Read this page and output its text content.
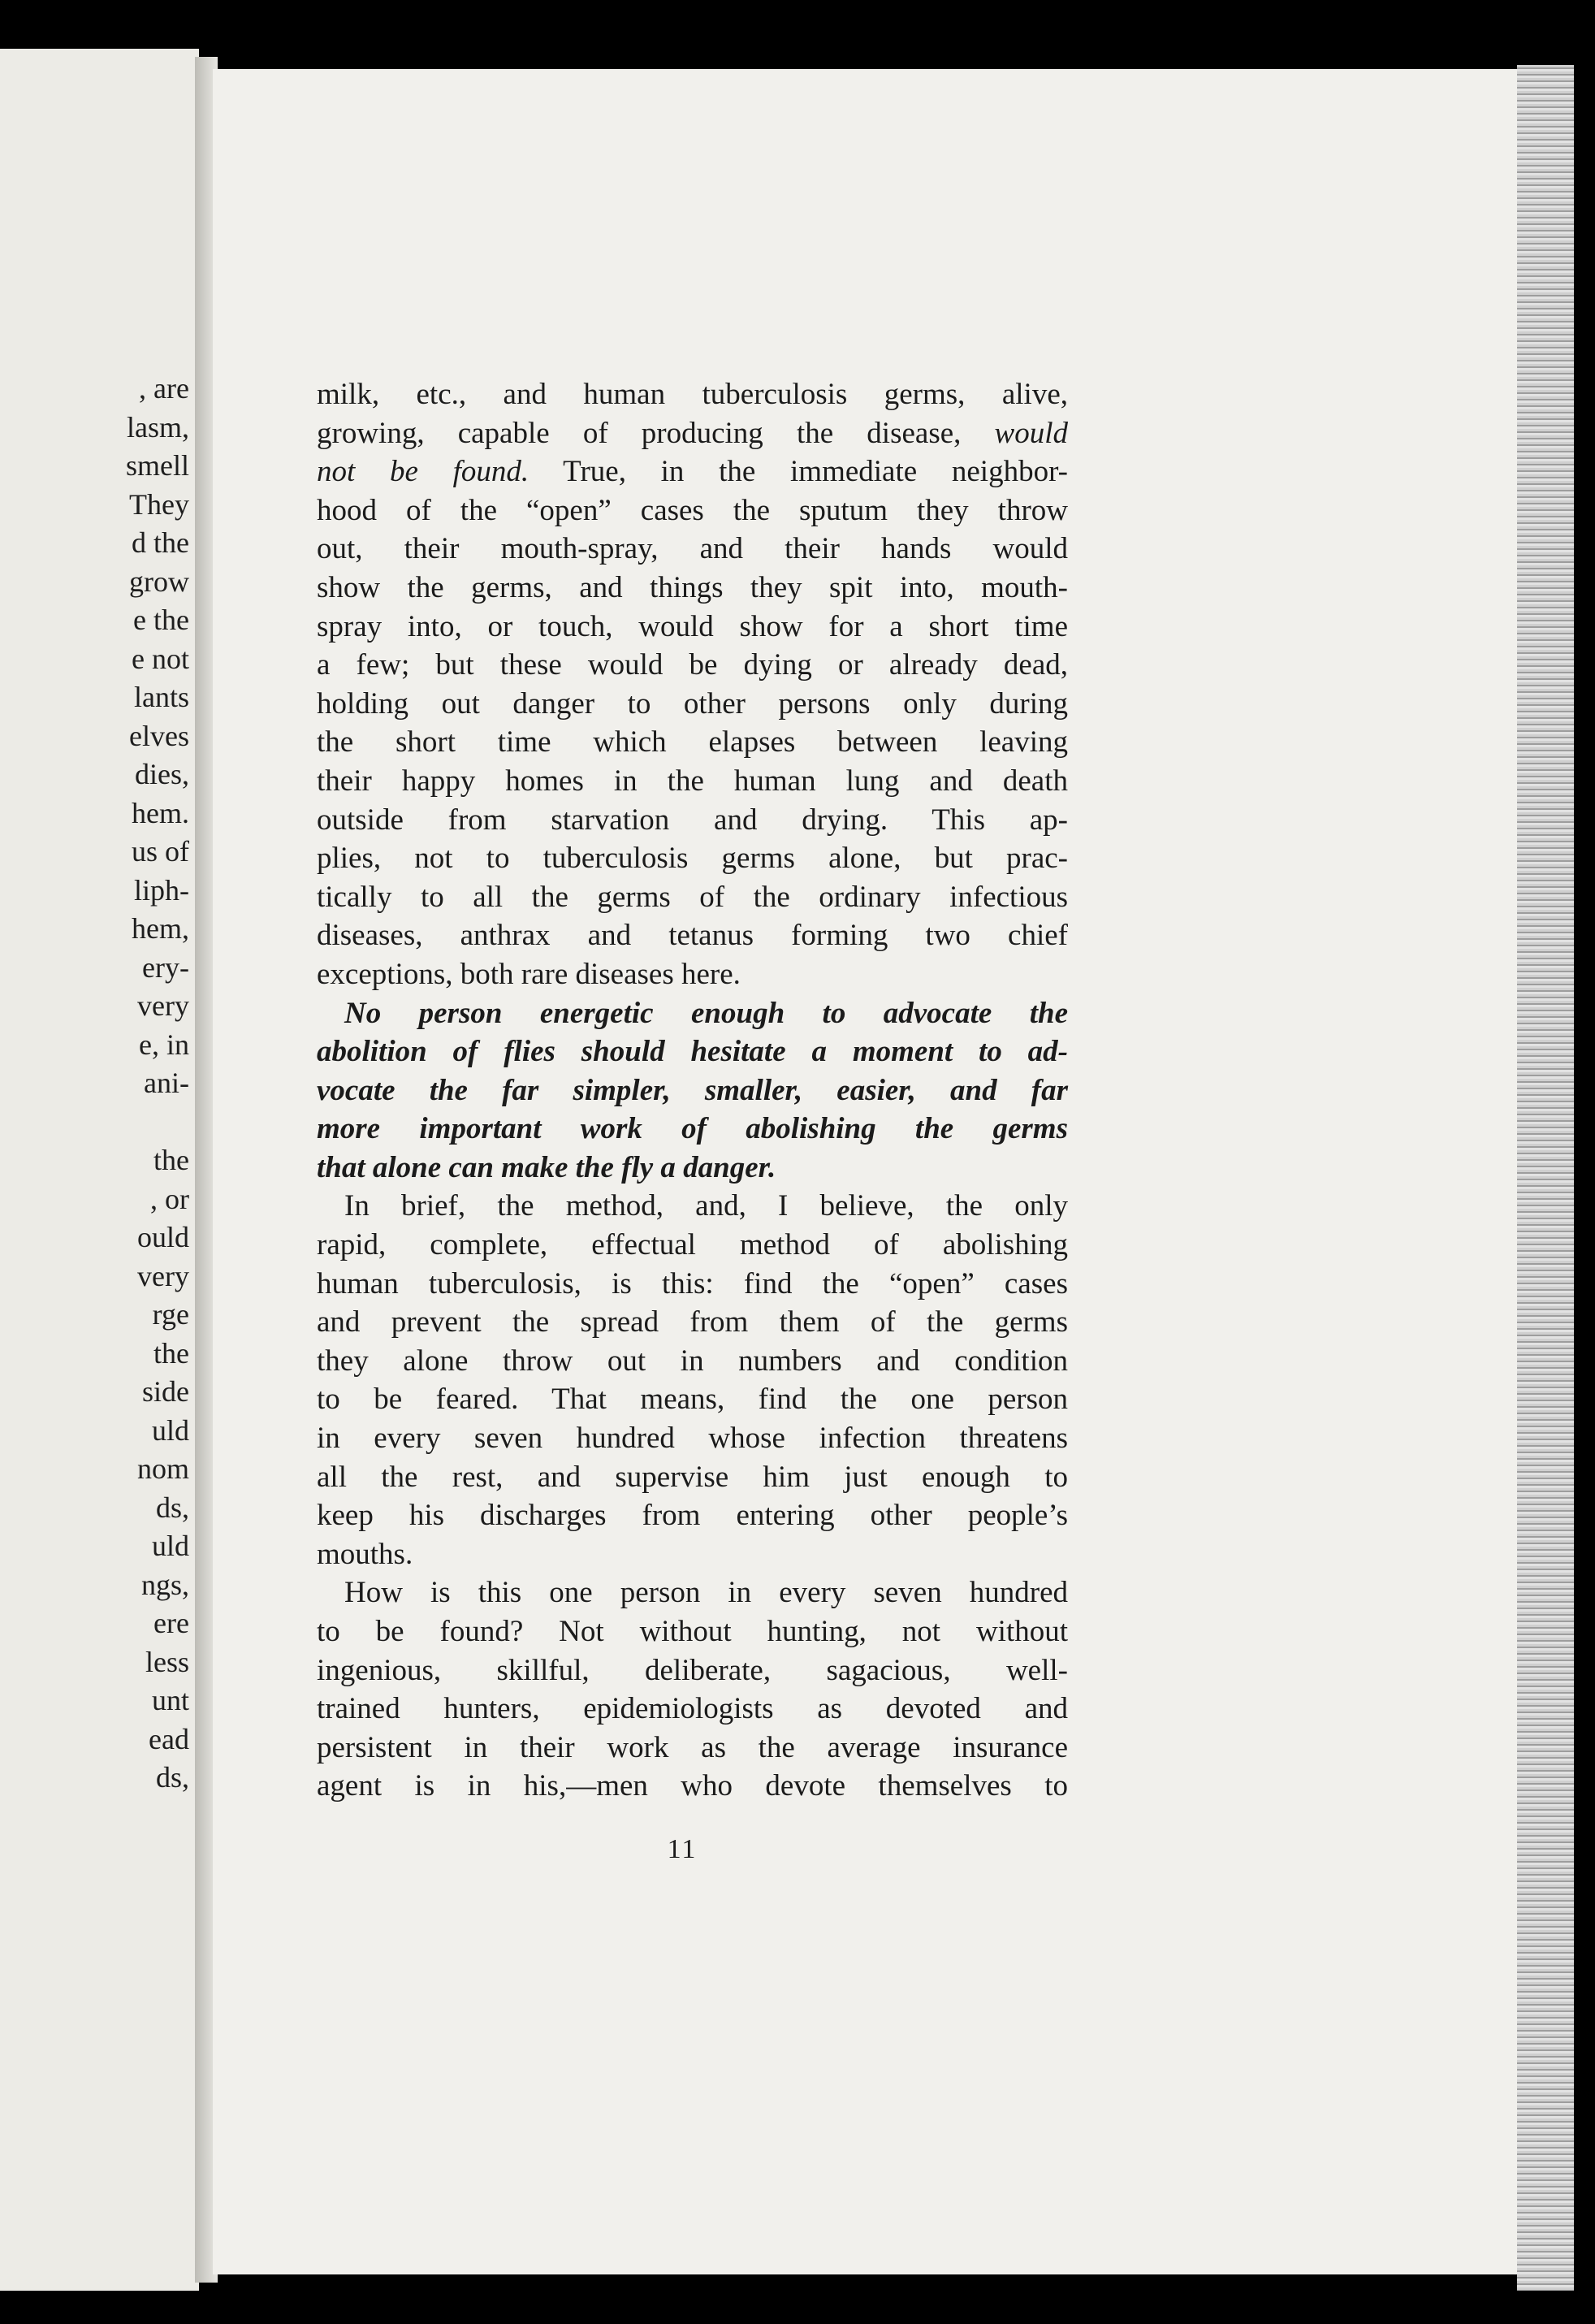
, are
lasm,
smell
They
d the
grow
e the
e not
lants
elves
dies,
hem.
us of
liph-
hem,
ery-
very
e, in
ani-

the
, or
ould
very
rge
the
side
uld
nom
ds,
uld
ngs,
ere
less
unt
ead
ds,
milk, etc., and human tuberculosis germs, alive,
growing, capable of producing the disease, would
not be found. True, in the immediate neighbor-
hood of the “open” cases the sputum they throw
out, their mouth-spray, and their hands would
show the germs, and things they spit into, mouth-
spray into, or touch, would show for a short time
a few; but these would be dying or already dead,
holding out danger to other persons only during
the short time which elapses between leaving
their happy homes in the human lung and death
outside from starvation and drying. This ap-
plies, not to tuberculosis germs alone, but prac-
tically to all the germs of the ordinary infectious
diseases, anthrax and tetanus forming two chief
exceptions, both rare diseases here.
No person energetic enough to advocate the
abolition of flies should hesitate a moment to ad-
vocate the far simpler, smaller, easier, and far
more important work of abolishing the germs
that alone can make the fly a danger.
In brief, the method, and, I believe, the only
rapid, complete, effectual method of abolishing
human tuberculosis, is this: find the “open” cases
and prevent the spread from them of the germs
they alone throw out in numbers and condition
to be feared. That means, find the one person
in every seven hundred whose infection threatens
all the rest, and supervise him just enough to
keep his discharges from entering other people’s
mouths.
How is this one person in every seven hundred
to be found? Not without hunting, not without
ingenious, skillful, deliberate, sagacious, well-
trained hunters, epidemiologists as devoted and
persistent in their work as the average insurance
agent is in his,—men who devote themselves to
11
